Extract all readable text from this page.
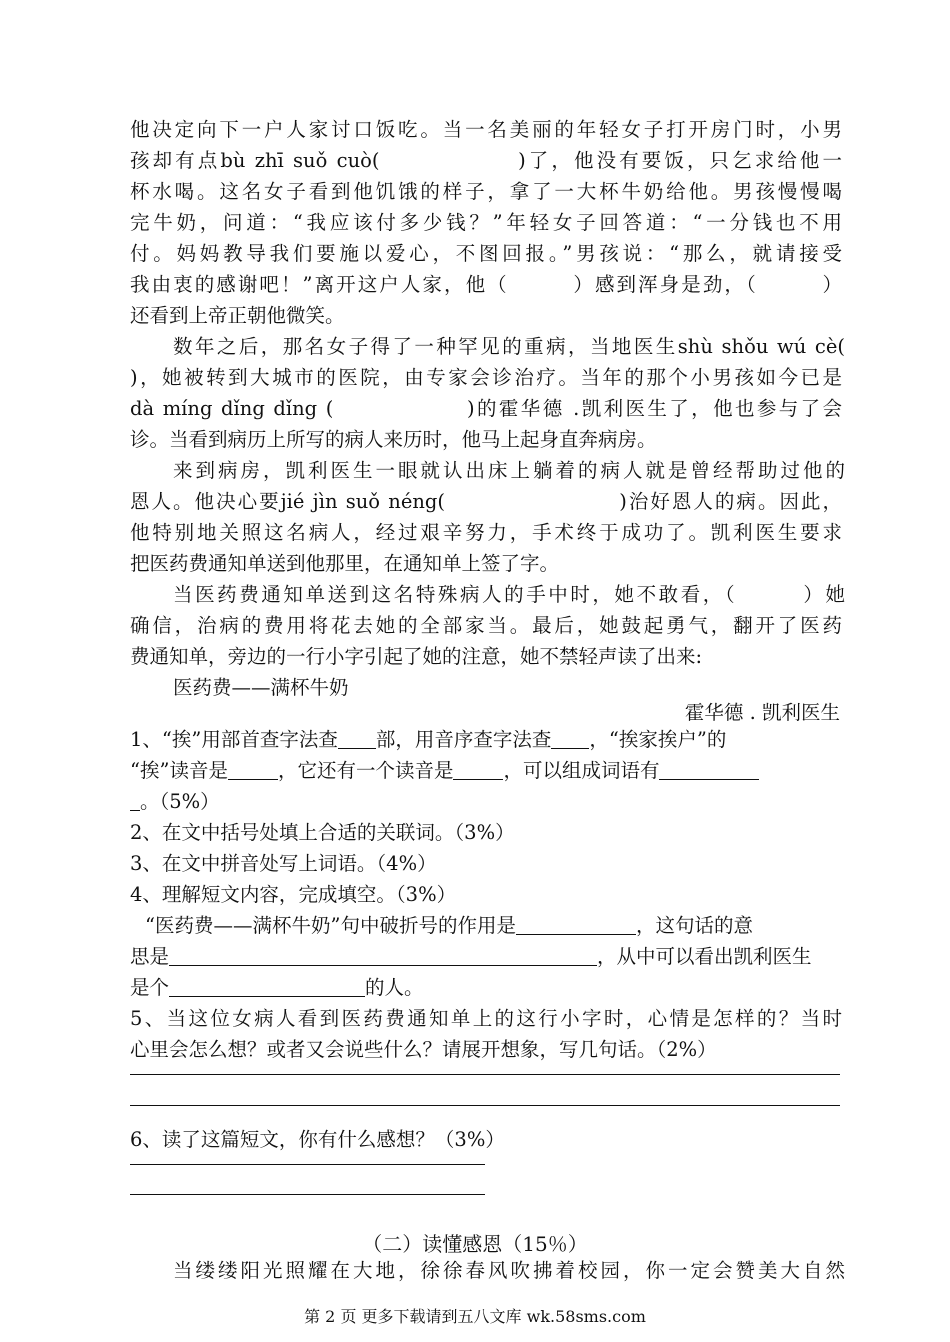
他决定向下一户人家讨口饭吃。当一名美丽的年轻女子打开房门时，小男
孩却有点bù zhī suǒ cuò(　　　　　　)了，他没有要饭，只乞求给他一
杯水喝。这名女子看到他饥饿的样子，拿了一大杯牛奶给他。男孩慢慢喝
完牛奶，问道：“我应该付多少钱？”年轻女子回答道：“一分钱也不用
付。妈妈教导我们要施以爱心，不图回报。”男孩说：“那么，就请接受
我由衷的感谢吧！”离开这户人家，他（　　　）感到浑身是劲，（　　　）
还看到上帝正朝他微笑。
数年之后，那名女子得了一种罕见的重病，当地医生shù shǒu wú cè(
)，她被转到大城市的医院，由专家会诊治疗。当年的那个小男孩如今已是
dà míng dǐng dǐng (　　　　　　)的霍华德 .凯利医生了，他也参与了会
诊。当看到病历上所写的病人来历时，他马上起身直奔病房。
来到病房，凯利医生一眼就认出床上躺着的病人就是曾经帮助过他的
恩人。他决心要jié jìn suǒ néng(　　　　　　　　)治好恩人的病。因此，
他特别地关照这名病人，经过艰辛努力，手术终于成功了。凯利医生要求
把医药费通知单送到他那里，在通知单上签了字。
当医药费通知单送到这名特殊病人的手中时，她不敢看，（　　　）她
确信，治病的费用将花去她的全部家当。最后，她鼓起勇气，翻开了医药
费通知单，旁边的一行小字引起了她的注意，她不禁轻声读了出来:
医药费——满杯牛奶
霍华德 . 凯利医生
1、“挨”用部首查字法查 部，用音序查字法查 ，“挨家挨户”的
“挨”读音是	，它还有一个读音是	，可以组成词语有
。（5%）
2、在文中括号处填上合适的关联词。（3%）
3、在文中拼音处写上词语。（4%）
4、理解短文内容，完成填空。（3%）
“医药费——满杯牛奶”句中破折号的作用是	，这句话的意
思是	，从中可以看出凯利医生
是个	的人。
5、当这位女病人看到医药费通知单上的这行小字时，心情是怎样的？当时
心里会怎么想？或者又会说些什么？请展开想象，写几句话。（2%）
6、读了这篇短文，你有什么感想？（3%）
（二）读懂感恩（15％）
当缕缕阳光照耀在大地，徐徐春风吹拂着校园，你一定会赞美大自然
第 2 页 更多下载请到五八文库 wk.58sms.com
